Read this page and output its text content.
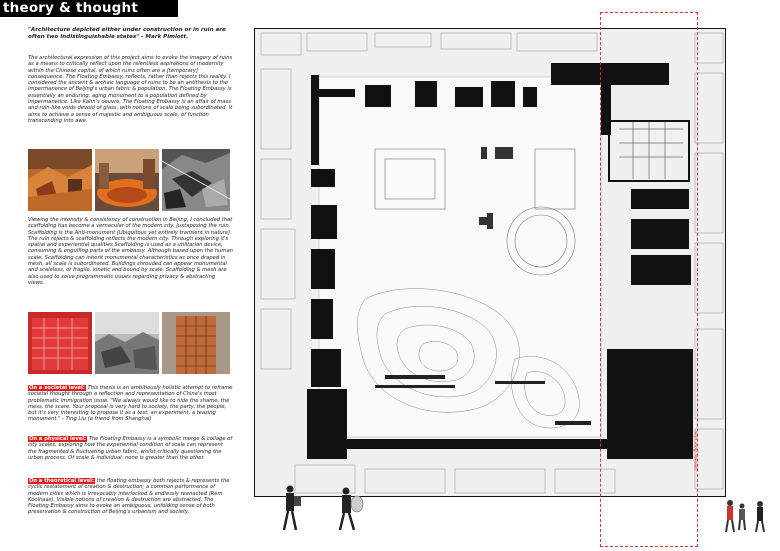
theory & thought
"Architecture depicted either under construction or in ruin are often two indistinguishable states" - Mark Pimlott.
The architectural expression of this project aims to evoke the imagery of ruins as a means to critically reflect upon the relentless aspirations of modernity within the Chinese capital, of which ruins often are a [temporary] consequence. The Floating Embassy, reflects, rather than rejects this reality. I considered the ancient & archaic language of ruins to be an antithesis to the impermanence of Beijing's urban fabric & population. The Floating Embassy is essentially an enduring, aging monument to a population defined by impermanence. Like Kahn's oeuvre, The Floating Embassy is an affair of mass and ruin-like voids devoid of glass, with notions of scale being subordinated. It aims to achieve a sense of majestic and ambiguous scale, of function transcending into awe.
Viewing the intensity & consistency of construction in Beijing, I concluded that scaffolding has become a vernacular of the modern city. Juxtaposing the ruin, Scaffolding is the Anti-monument [Ubiquitous yet entirely transient in nature]. The ruin rejects & scaffolding reflects the modern city. Through exploring it's spatial and experiential qualities Scaffolding is used as a utilitarian device, consuming & engulfing parts of the embassy. Although based upon the human scale, Scaffolding can inherit monumental characteristics as once draped in mesh, all scale is subordinated. Buildings shrouded can appear monumental and scaleless, or fragile, kinetic and bound by scale. Scaffolding & mesh are also used to solve programmatic issues regarding privacy & abstracting views.
On a societal level: This thesis is an ambitiously holistic attempt to reframe societal thought through a reflection and representation of China's most problematic immigration issue. "We always would like to hide the shame, the mess, the scare. Your proposal is very hard to society, the party, the people, but it's very interesting to propose it as a test, an experiment, a teasing monument." - Ting Liu (a friend from Shanghai)
On a physical level: The Floating Embassy is a symbolic merge & collage of city scales, exploring how the experiential condition of scale can represent the fragmented & fluctuating urban fabric, whilst critically questioning the urban process. Of scale & individual: none is greater than the other.
On a theoretical level: the floating embassy both rejects & represents the cyclic restatement of creation & destruction; a common performance of modern cities which is irrevocably interlocked & endlessly reenacted (Rem Koolhaas). Visible notions of creation & destruction are abstracted, The Floating Embassy aims to evoke an ambiguous, unfolding sense of both preservation & construction of Beijing's urbanism and society.
genetic floor plan
